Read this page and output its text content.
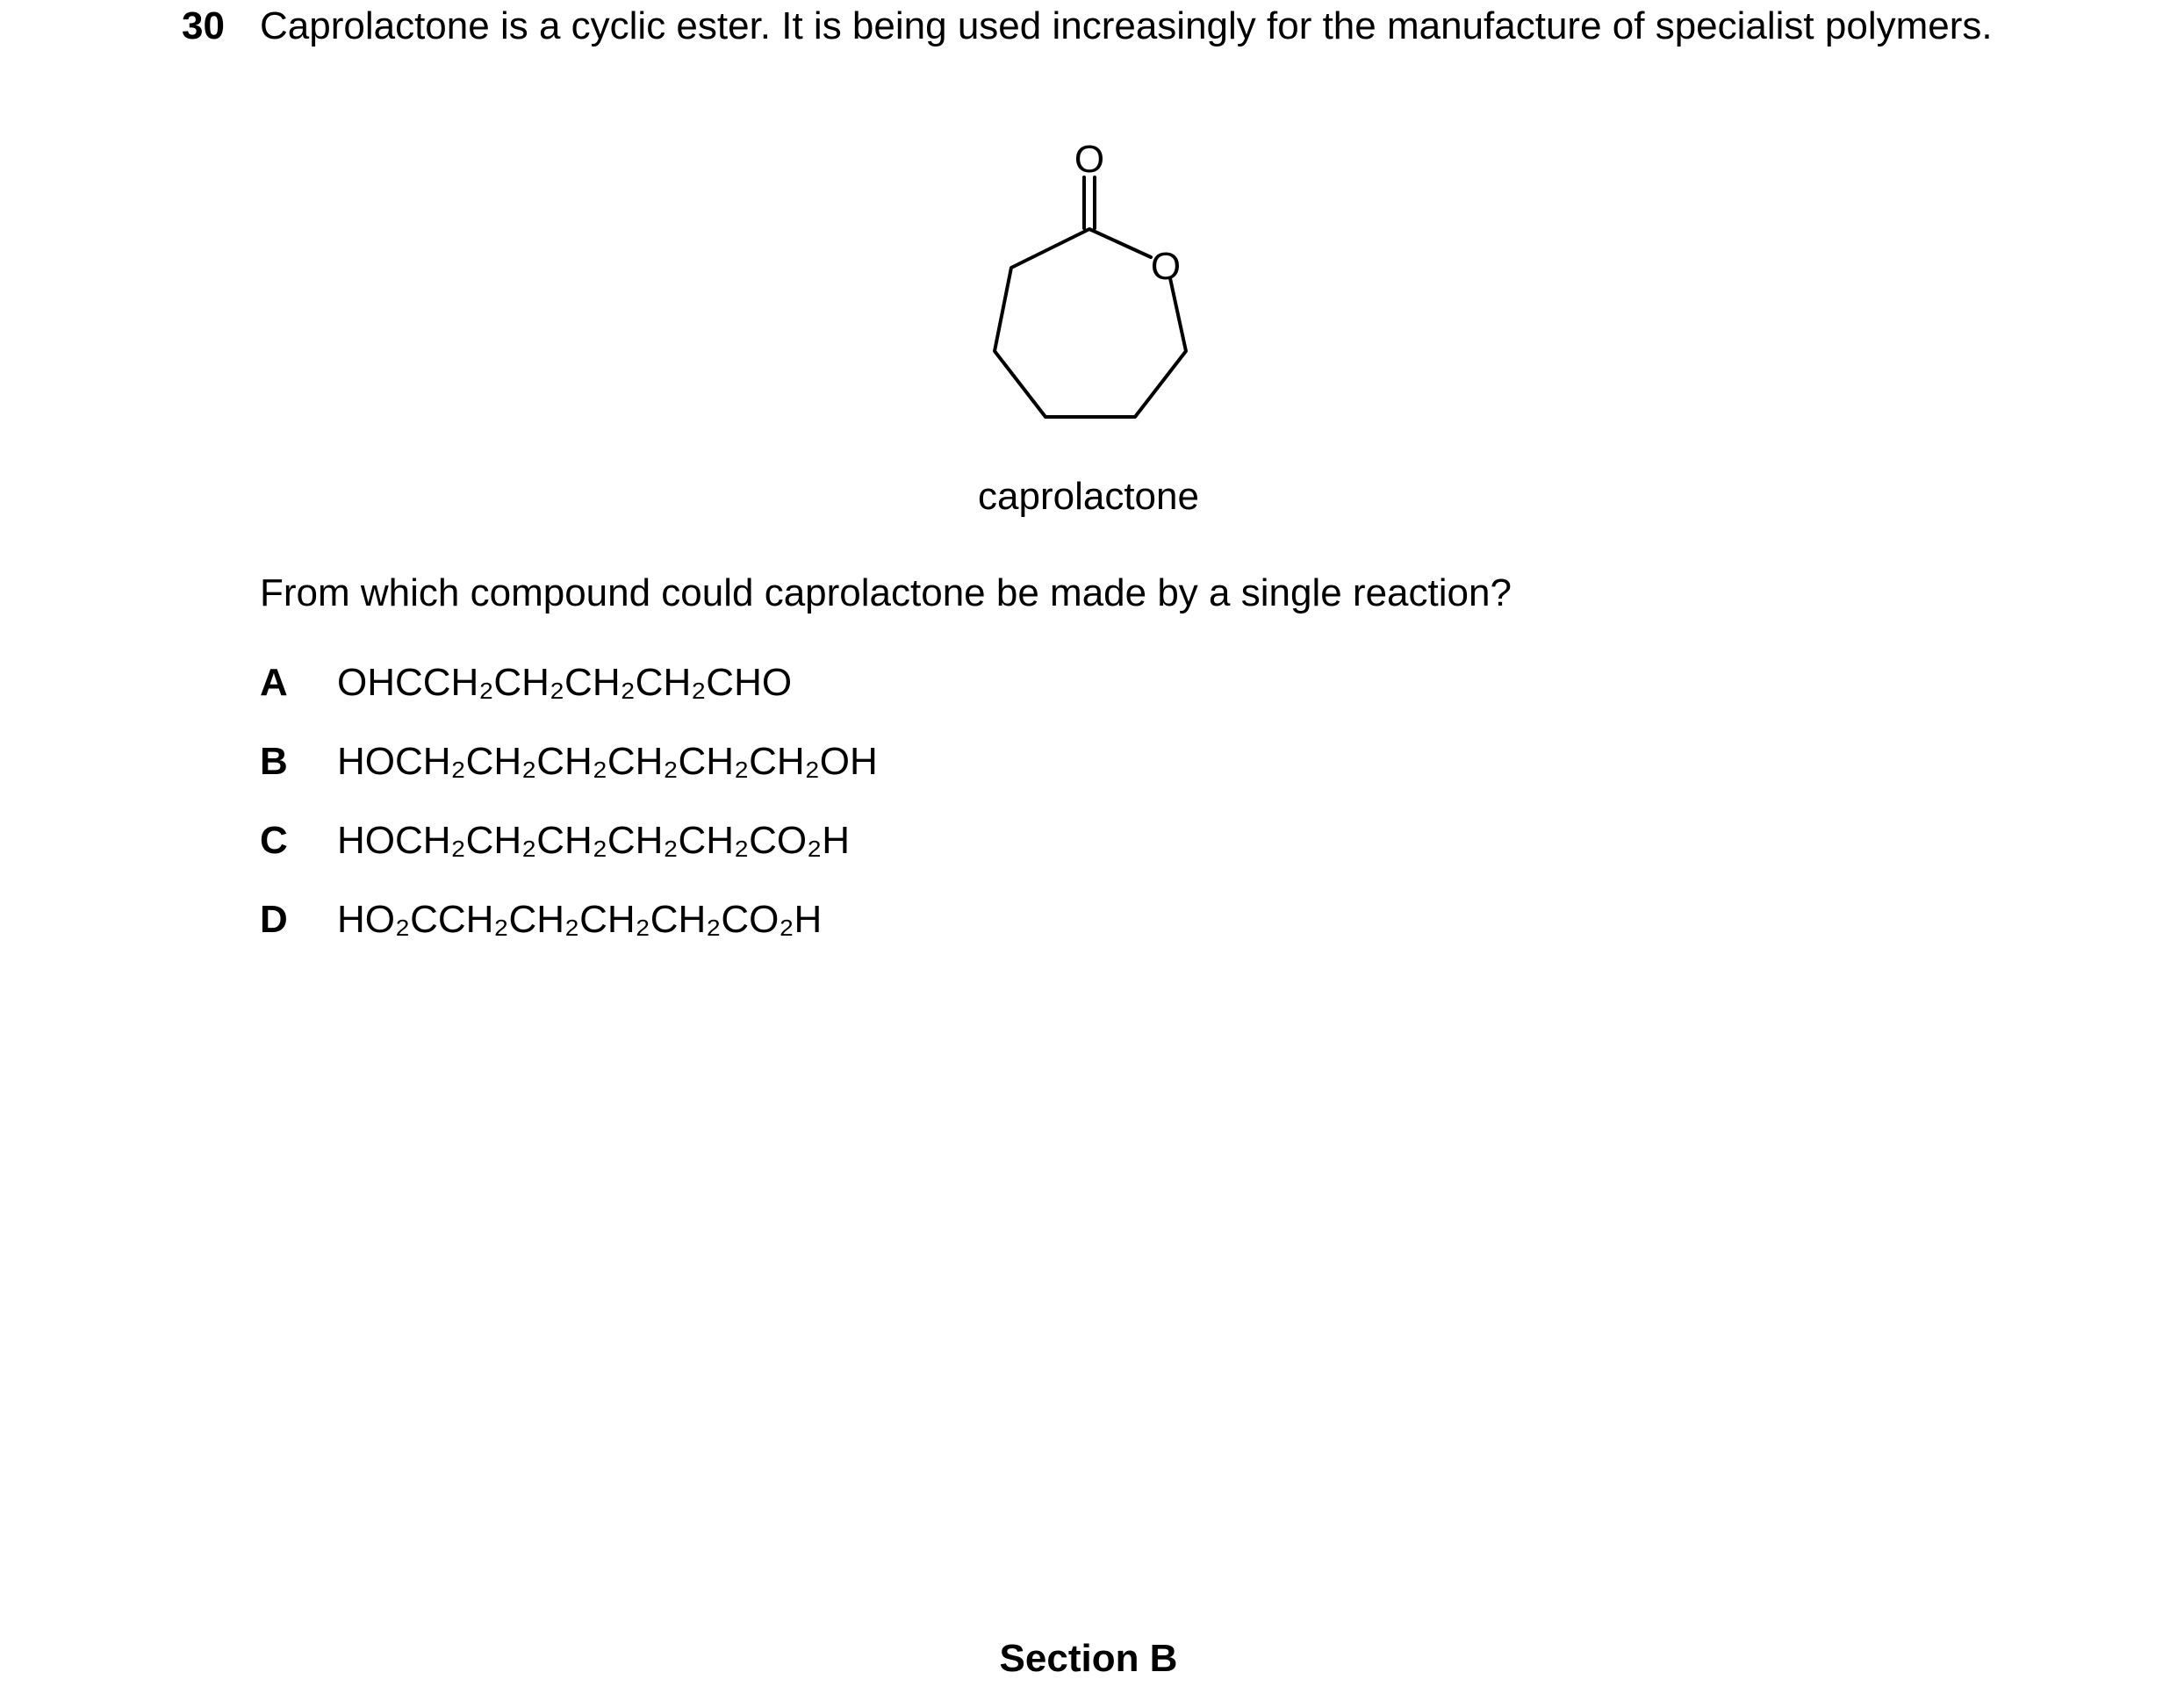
30 Caprolactone is a cyclic ester. It is being used increasingly for the manufacture of specialist polymers.
O
O
caprolactone
From which compound could caprolactone be made by a single reaction?
A OHCCH₂CH₂CH₂CH₂CHO
B HOCH₂CH₂CH₂CH₂CH₂CH₂OH
C HOCH₂CH₂CH₂CH₂CH₂CO₂H
D HO₂CCH₂CH₂CH₂CH₂CO₂H
Section B
